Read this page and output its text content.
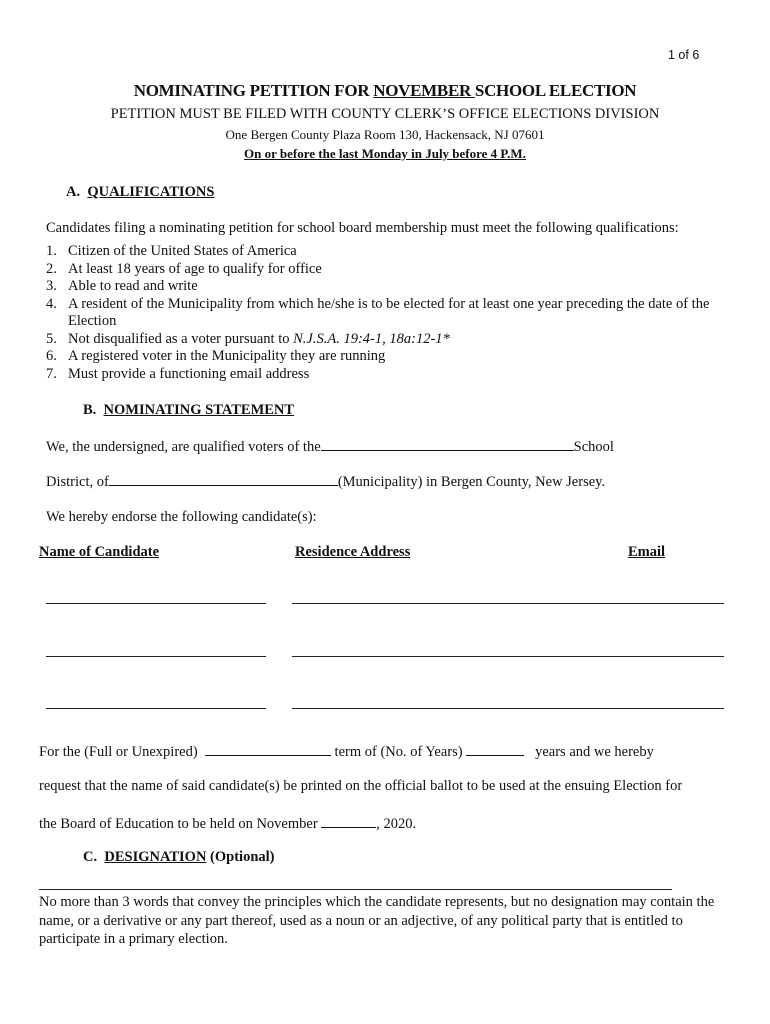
1 of 6
NOMINATING PETITION FOR NOVEMBER SCHOOL ELECTION
PETITION MUST BE FILED WITH COUNTY CLERK’S OFFICE ELECTIONS DIVISION
One Bergen County Plaza Room 130, Hackensack, NJ 07601
On or before the last Monday in July before 4 P.M.
A. QUALIFICATIONS
Candidates filing a nominating petition for school board membership must meet the following qualifications:
1. Citizen of the United States of America
2. At least 18 years of age to qualify for office
3. Able to read and write
4. A resident of the Municipality from which he/she is to be elected for at least one year preceding the date of the Election
5. Not disqualified as a voter pursuant to N.J.S.A. 19:4-1, 18a:12-1*
6. A registered voter in the Municipality they are running
7. Must provide a functioning email address
B. NOMINATING STATEMENT
We, the undersigned, are qualified voters of the	School
District, of	(Municipality) in Bergen County, New Jersey.
We hereby endorse the following candidate(s):
Name of Candidate	Residence Address	Email
For the (Full or Unexpired)	term of (No. of Years)	years and we hereby
request that the name of said candidate(s) be printed on the official ballot to be used at the ensuing Election for
the Board of Education to be held on November	, 2020.
C. DESIGNATION (Optional)
No more than 3 words that convey the principles which the candidate represents, but no designation may contain the name, or a derivative or any part thereof, used as a noun or an adjective, of any political party that is entitled to participate in a primary election.
